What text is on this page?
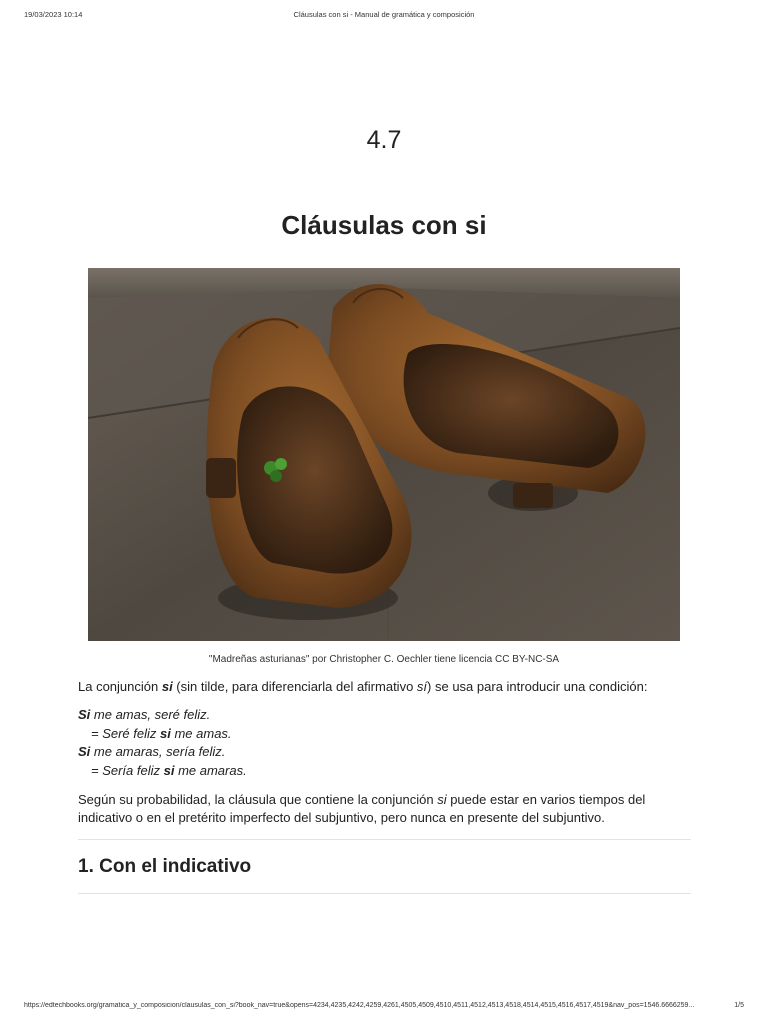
19/03/2023 10:14	Cláusulas con si - Manual de gramática y composición
4.7
Cláusulas con si
"Madreñas asturianas" por Christopher C. Oechler tiene licencia CC BY-NC-SA

La conjunción si (sin tilde, para diferenciarla del afirmativo sí) se usa para introducir una condición:

Si me amas, seré feliz.
= Seré feliz si me amas.
Si me amaras, sería feliz.
= Sería feliz si me amaras.

Según su probabilidad, la cláusula que contiene la conjunción si puede estar en varios tiempos del indicativo o en el pretérito imperfecto del subjuntivo, pero nunca en presente del subjuntivo.

1. Con el indicativo
https://edtechbooks.org/gramatica_y_composicion/clausulas_con_si?book_nav=true&opens=4234,4235,4242,4259,4261,4505,4509,4510,4511,4512,4513,4518,4514,4515,4516,4517,4519&nav_pos=1546.6666259...	1/5
